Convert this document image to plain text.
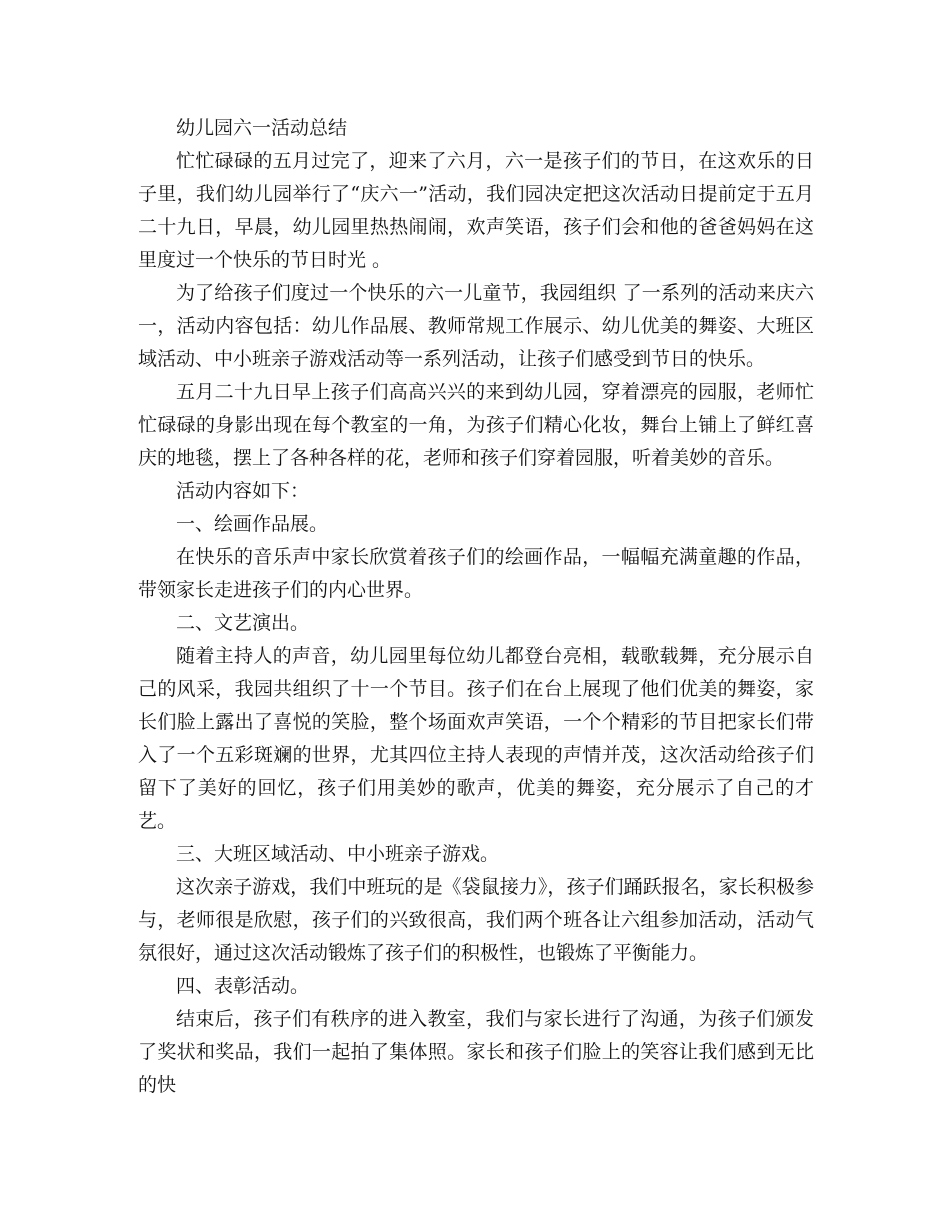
幼儿园六一活动总结

忙忙碌碌的五月过完了，迎来了六月，六一是孩子们的节日，在这欢乐的日子里，我们幼儿园举行了“庆六一”活动，我们园决定把这次活动日提前定于五月二十九日，早晨，幼儿园里热热闹闹，欢声笑语，孩子们会和他的爸爸妈妈在这里度过一个快乐的节日时光 。

为了给孩子们度过一个快乐的六一儿童节，我园组织 了一系列的活动来庆六一，活动内容包括：幼儿作品展、教师常规工作展示、幼儿优美的舞姿、大班区域活动、中小班亲子游戏活动等一系列活动，让孩子们感受到节日的快乐。

五月二十九日早上孩子们高高兴兴的来到幼儿园，穿着漂亮的园服，老师忙忙碌碌的身影出现在每个教室的一角，为孩子们精心化妆，舞台上铺上了鲜红喜庆的地毯，摆上了各种各样的花，老师和孩子们穿着园服，听着美妙的音乐。

活动内容如下：

一、绘画作品展。

在快乐的音乐声中家长欣赏着孩子们的绘画作品，一幅幅充满童趣的作品，带领家长走进孩子们的内心世界。

二、文艺演出。

随着主持人的声音，幼儿园里每位幼儿都登台亮相，载歌载舞，充分展示自己的风采，我园共组织了十一个节目。孩子们在台上展现了他们优美的舞姿，家长们脸上露出了喜悦的笑脸，整个场面欢声笑语，一个个精彩的节目把家长们带入了一个五彩斑斓的世界，尤其四位主持人表现的声情并茂，这次活动给孩子们留下了美好的回忆，孩子们用美妙的歌声，优美的舞姿，充分展示了自己的才艺。

三、大班区域活动、中小班亲子游戏。

这次亲子游戏，我们中班玩的是《袋鼠接力》，孩子们踊跃报名，家长积极参与，老师很是欣慰，孩子们的兴致很高，我们两个班各让六组参加活动，活动气氛很好，通过这次活动锻炼了孩子们的积极性，也锻炼了平衡能力。

四、表彰活动。

结束后，孩子们有秩序的进入教室，我们与家长进行了沟通，为孩子们颁发了奖状和奖品，我们一起拍了集体照。家长和孩子们脸上的笑容让我们感到无比的快
